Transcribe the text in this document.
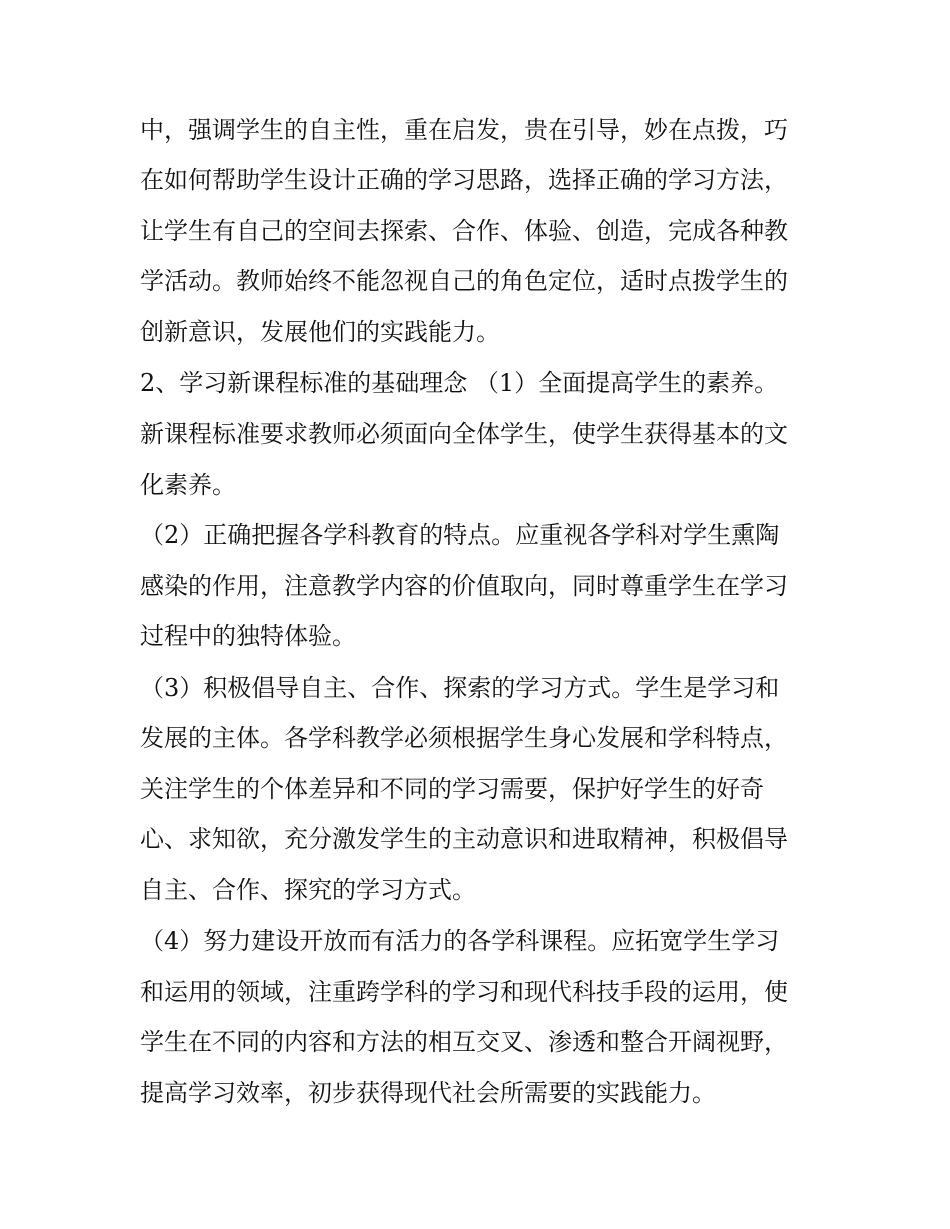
中，强调学生的自主性，重在启发，贵在引导，妙在点拨，巧
在如何帮助学生设计正确的学习思路，选择正确的学习方法，
让学生有自己的空间去探索、合作、体验、创造，完成各种教
学活动。教师始终不能忽视自己的角色定位，适时点拨学生的
创新意识，发展他们的实践能力。
2、学习新课程标准的基础理念 （1）全面提高学生的素养。
新课程标准要求教师必须面向全体学生，使学生获得基本的文
化素养。
（2）正确把握各学科教育的特点。应重视各学科对学生熏陶
感染的作用，注意教学内容的价值取向，同时尊重学生在学习
过程中的独特体验。
（3）积极倡导自主、合作、探索的学习方式。学生是学习和
发展的主体。各学科教学必须根据学生身心发展和学科特点，
关注学生的个体差异和不同的学习需要，保护好学生的好奇
心、求知欲，充分激发学生的主动意识和进取精神，积极倡导
自主、合作、探究的学习方式。
（4）努力建设开放而有活力的各学科课程。应拓宽学生学习
和运用的领域，注重跨学科的学习和现代科技手段的运用，使
学生在不同的内容和方法的相互交叉、渗透和整合开阔视野，
提高学习效率，初步获得现代社会所需要的实践能力。
